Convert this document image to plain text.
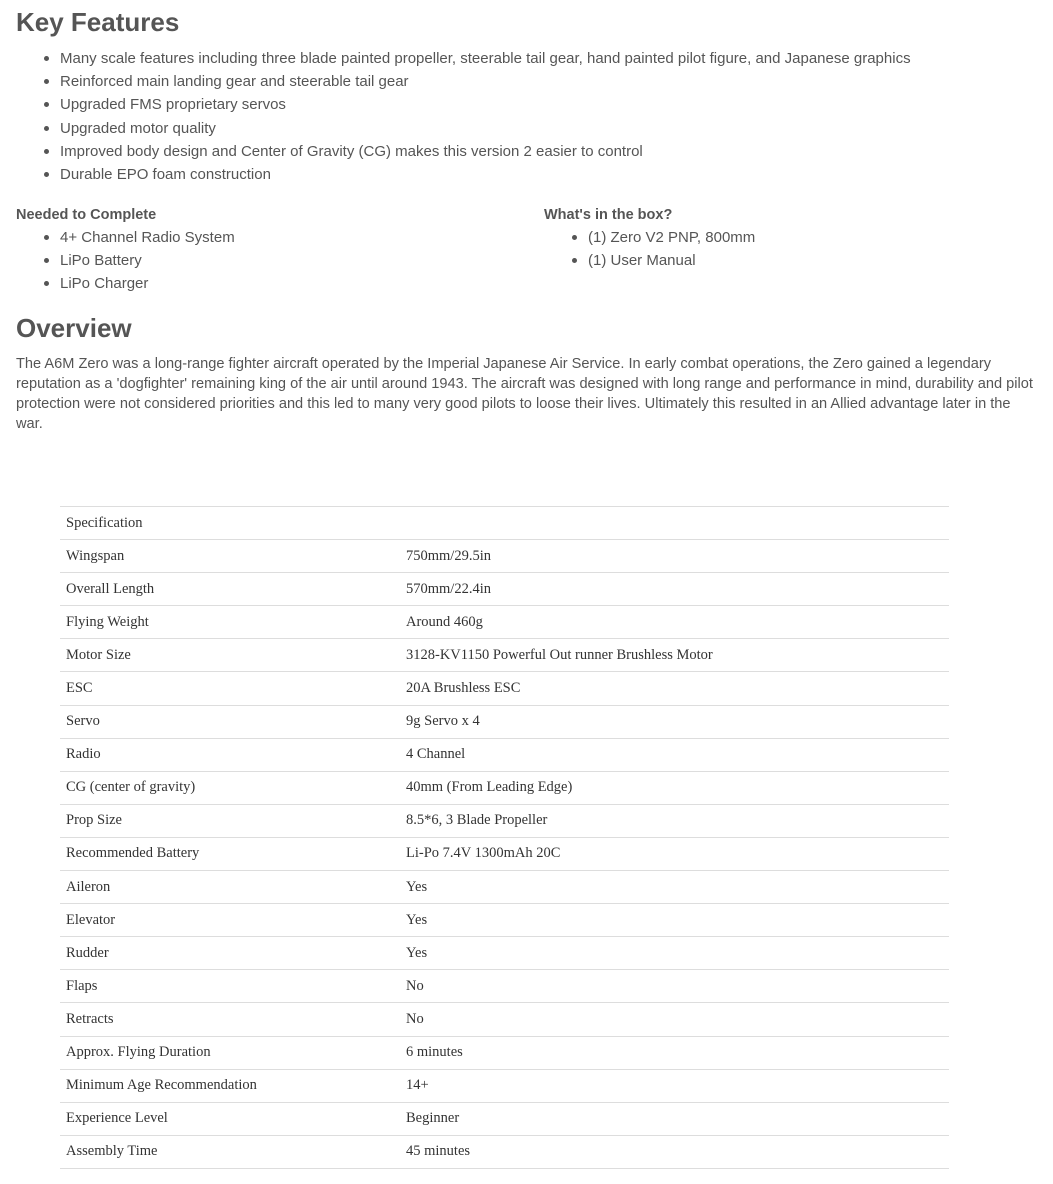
Key Features
Many scale features including three blade painted propeller, steerable tail gear, hand painted pilot figure, and Japanese graphics
Reinforced main landing gear and steerable tail gear
Upgraded FMS proprietary servos
Upgraded motor quality
Improved body design and Center of Gravity (CG) makes this version 2 easier to control
Durable EPO foam construction
Needed to Complete
4+ Channel Radio System
LiPo Battery
LiPo Charger
What's in the box?
(1) Zero V2 PNP, 800mm
(1) User Manual
Overview

The A6M Zero was a long-range fighter aircraft operated by the Imperial Japanese Air Service. In early combat operations, the Zero gained a legendary reputation as a 'dogfighter' remaining king of the air until around 1943. The aircraft was designed with long range and performance in mind, durability and pilot protection were not considered priorities and this led to many very good pilots to loose their lives. Ultimately this resulted in an Allied advantage later in the war.

Specification	
Wingspan	750mm/29.5in
Overall Length	570mm/22.4in
Flying Weight	Around 460g
Motor Size	3128-KV1150 Powerful Out runner Brushless Motor
ESC	20A Brushless ESC
Servo	9g Servo x 4
Radio	4 Channel
CG (center of gravity)	40mm (From Leading Edge)
Prop Size	8.5*6, 3 Blade Propeller
Recommended Battery	Li-Po 7.4V 1300mAh 20C
Aileron	Yes
Elevator	Yes
Rudder	Yes
Flaps	No
Retracts	No
Approx. Flying Duration	6 minutes
Minimum Age Recommendation	14+
Experience Level	Beginner
Assembly Time	45 minutes
